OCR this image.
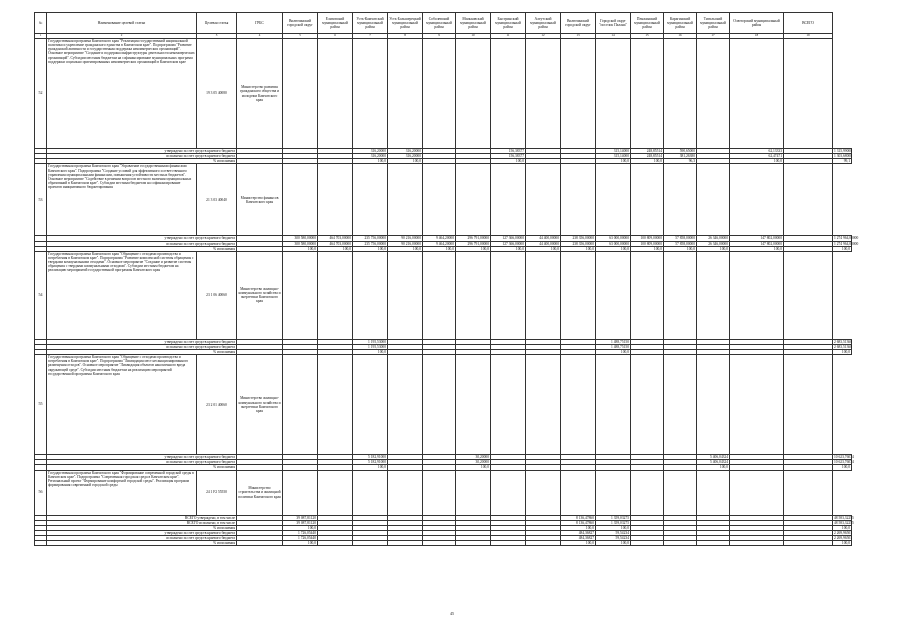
№	Наименование целевой статьи	Целевая статья	ГРБС	Вилючинский городской округ	Елизовский муниципальный район	Усть-Камчатский муниципальный район	Усть-Большерецкий муниципальный район	Соболевский муниципальный район	Мильковский муниципальный район	Быстринский муниципальный район	Алеутский муниципальный район	Вилючинский городской округ	Городской округ "поселок Палана"	Пенжинский муниципальный район	Карагинский муниципальный район	Тигильский муниципальный район	Олюторский муниципальный район	ВСЕГО	
1	2	3	4	5	6	7	8	9	10	11	12	13	14	15	16	17	18	19	
52	Государственная программа Камчатского края "Реализация государственной национальной политики и укрепление гражданского единства в Камчатском крае". Подпрограмма "Развитие гражданской активности и государственная поддержка некоммерческих организаций". Основное мероприятие "Создание и поддержка инфраструктуры деятельности некоммерческих организаций". Субсидии местным бюджетам на софинансирование муниципальных программ поддержки социально ориентированных некоммерческих организаций в Камчатском крае	19 3 05 40080	Министерство развития гражданского общества и молодежи Камчатского края																
	утверждено за счет средств краевого бюджета					316,20000	316,20000			156,38377			315,14000	248,85514	590,65000		62,13333		1 315,99000
	исполнено за счет средств краевого бюджета					316,20000	316,20000			156,38377			315,14000	248,85514	381,26380		62,47471		1 303,68000
	% исполнения					100,0	100,0			100,0			100,0	100,0	96,3		100,0		99,1
53	Государственная программа Камчатского края "Управление государственными финансами Камчатского края". Подпрограмма "Создание условий для эффективного и ответственного управления муниципальными финансами, повышения устойчивости местных бюджетов". Основное мероприятие "Содействие в решении вопросов местного значения муниципальных образований в Камчатском крае". Субсидии местным бюджетам на софинансирование проектов инициативного бюджетирования	21 3 03 40040	Министерство финансов Камчатского края																
	утверждено за счет средств краевого бюджета			300 580,00000	464 703,00000	235 756,00000	90 216,00000	9 464,20000	296 791,00000	127 366,00000	44 400,00000	238 356,00000	63 000,00000	100 809,00000	57 858,00000	26 346,00000	147 802,00000		1 274 964,00000
	исполнено за счет средств краевого бюджета			300 580,00000	464 703,00000	235 756,00000	90 216,00000	9 464,20000	296 791,00000	127 366,00000	44 400,00000	238 356,00000	63 000,00000	100 809,00000	57 858,00000	26 346,00000	147 802,00000		1 274 964,00000
	% исполнения			100,0	100,0	100,0	100,0	100,0	100,0	100,0	100,0	100,0	100,0	100,0	100,0	100,0	100,0		100,0
54	Государственная программа Камчатского края "Обращение с отходами производства и потребления в Камчатском крае". Подпрограмма "Развитие комплексной системы обращения с твердыми коммунальными отходами". Основное мероприятие "Создание и развитие системы обращения с твердыми коммунальными отходами". Субсидии местным бюджетам на реализацию мероприятий государственной программы Камчатского края	23 1 06 40060	Министерство жилищно-коммунального хозяйства и энергетики Камчатского края																
	утверждено за счет средств краевого бюджета					1 195,53000							1 488,75150						2 683,51360
	исполнено за счет средств краевого бюджета					1 195,53000							1 488,75150						2 683,51360
	% исполнения					100,0							100,0						100,0
55	Государственная программа Камчатского края "Обращение с отходами производства и потребления в Камчатском крае". Подпрограмма "Ликвидация мест несанкционированного размещения отходов". Основное мероприятие "Ликвидация объектов накопленного вреда окружающей среде". Субсидии местным бюджетам на реализацию мероприятий государственной программы Камчатского края	23 2 01 40060	Министерство жилищно-коммунального хозяйства и энергетики Камчатского края																
	утверждено за счет средств краевого бюджета					5 182,91000			30,20000							5 406,04324			10 623,76074
	исполнено за счет средств краевого бюджета					5 182,91000			30,20000							5 406,04324			10 623,76074
	% исполнения					100,0			100,0							100,0			100,0
56	Государственная программа Камчатского края "Формирование современной городской среды в Камчатском крае". Подпрограмма "Современная городская среда в Камчатском крае". Региональный проект "Формирование комфортной городской среды". Реализация программ формирования современной городской среды	24 1 F2 55550	Министерство строительства и жилищной политики Камчатского края																
	ВСЕГО утверждено, в том числе			39 087,81120								8 136,47860	1 359,03275						48 583,32255
	ВСЕГО исполнено, в том числе			39 087,81120								8 136,47860	1 359,03275						48 583,32255
	% исполнения			100,0								100,0	100,0						100,0
	утверждено за счет средств краевого бюджета			1 726,05440								484,36827	59,54234						2 269,96501
	исполнено за счет средств краевого бюджета			1 726,05440								484,36827	59,54234						2 269,96501
	% исполнения			100,0								100,0	100,0						100,0
45
